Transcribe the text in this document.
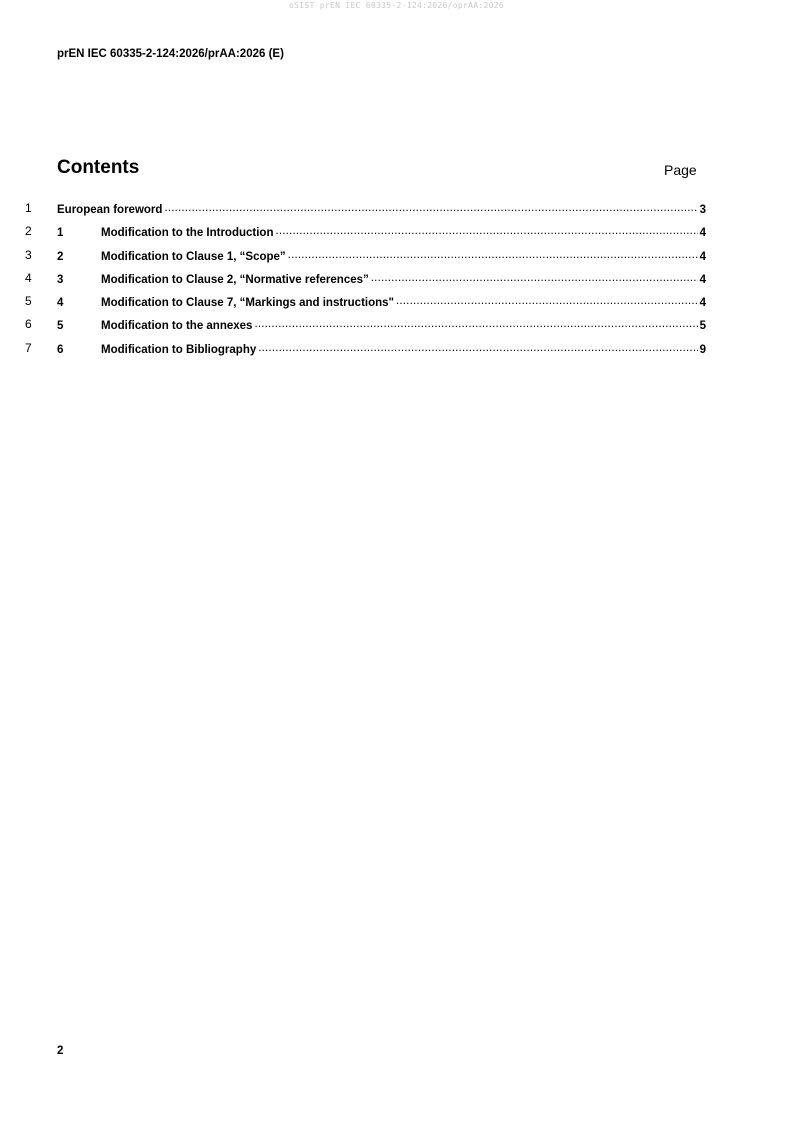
oSIST prEN IEC 60335-2-124:2026/oprAA:2026
prEN IEC 60335-2-124:2026/prAA:2026 (E)
Contents	Page
1 European foreword .....	3
2 1	Modification to the Introduction .....	4
3 2	Modification to Clause 1, “Scope” .....	4
4 3	Modification to Clause 2, “Normative references” .....	4
5 4	Modification to Clause 7, “Markings and instructions" .....	4
6 5	Modification to the annexes .....	5
7 6	Modification to Bibliography .....	9
2
